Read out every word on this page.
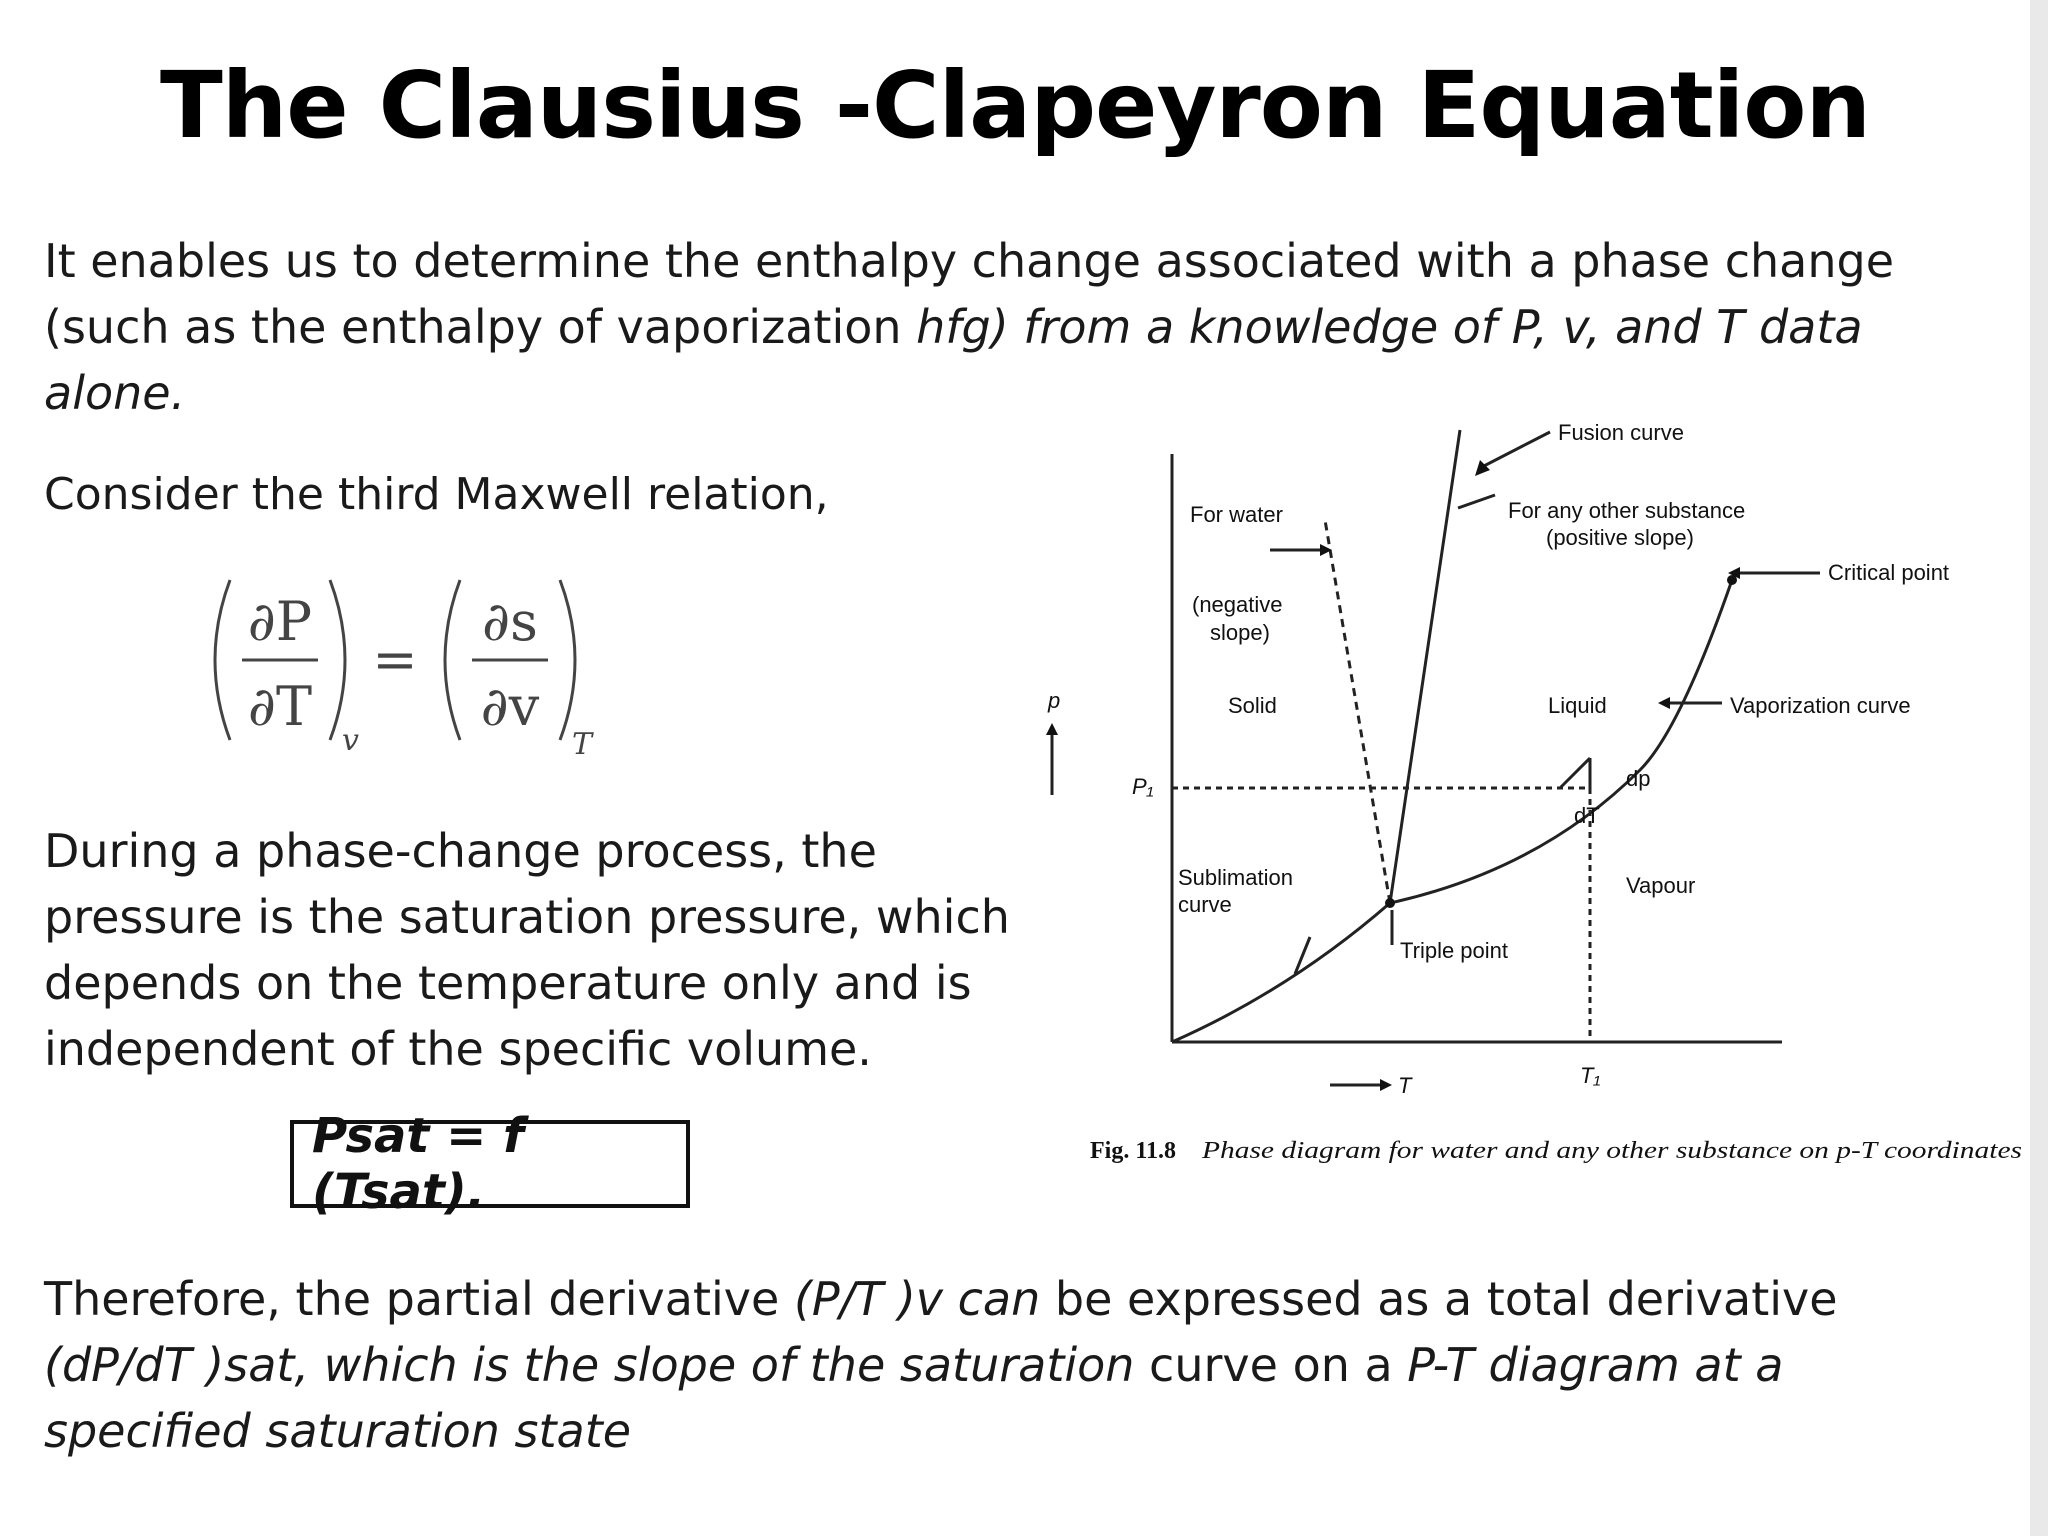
The Clausius -Clapeyron Equation
It enables us to determine the enthalpy change associated with a phase change (such as the enthalpy of vaporization hfg) from a knowledge of P, v, and T data alone.
Consider the third Maxwell relation,
∂P
∂T
∂s
∂v
=
v	T
During a phase-change process, the pressure is the saturation pressure, which depends on the temperature only and is independent of the specific volume.
Psat = f (Tsat).
Therefore, the partial derivative (P/T )v can be expressed as a total derivative (dP/dT )sat, which is the slope of the saturation curve on a P-T diagram at a specified saturation state
Fusion curve
For water
(negative
slope)
For any other substance
(positive slope)
Critical point
Solid	Liquid	Vaporization curve
p
P₁	dp
dT
Sublimation
curve
Vapour
Triple point
T	T₁
Fig. 11.8 Phase diagram for water and any other substance on p-T coordinates
